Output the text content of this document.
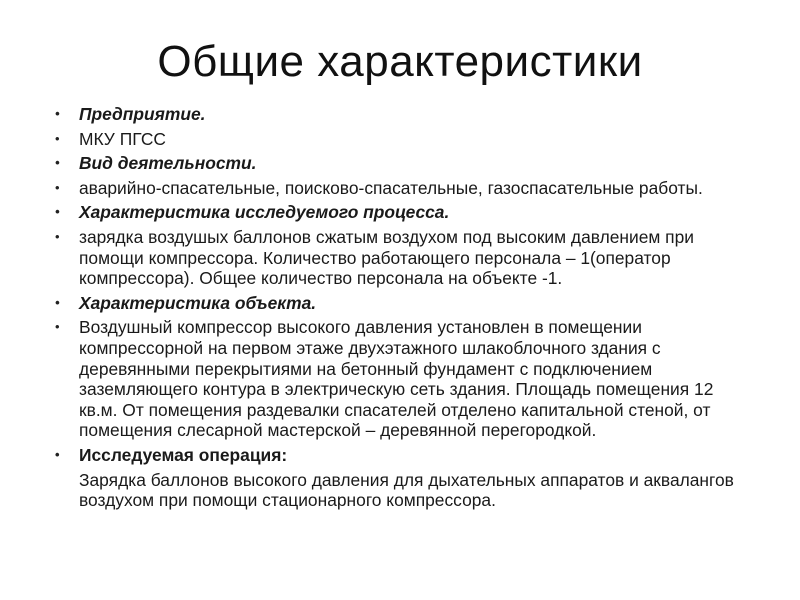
Общие характеристики
• Предприятие.
• МКУ ПГСС
• Вид деятельности.
• аварийно-спасательные, поисково-спасательные, газоспасательные работы.
• Характеристика исследуемого процесса.
• зарядка воздушых баллонов сжатым воздухом под высоким давлением при помощи компрессора. Количество работающего персонала – 1(оператор компрессора). Общее количество персонала на объекте -1.
• Характеристика объекта.
• Воздушный компрессор высокого давления установлен в помещении компрессорной на первом этаже двухэтажного шлакоблочного здания с деревянными перекрытиями на бетонный фундамент с подключением заземляющего контура в электрическую сеть здания. Площадь помещения 12 кв.м. От помещения раздевалки спасателей отделено капитальной стеной, от помещения слесарной мастерской – деревянной перегородкой.
• Исследуемая операция:
Зарядка баллонов высокого давления для дыхательных аппаратов и аквалангов воздухом при помощи стационарного компрессора.
